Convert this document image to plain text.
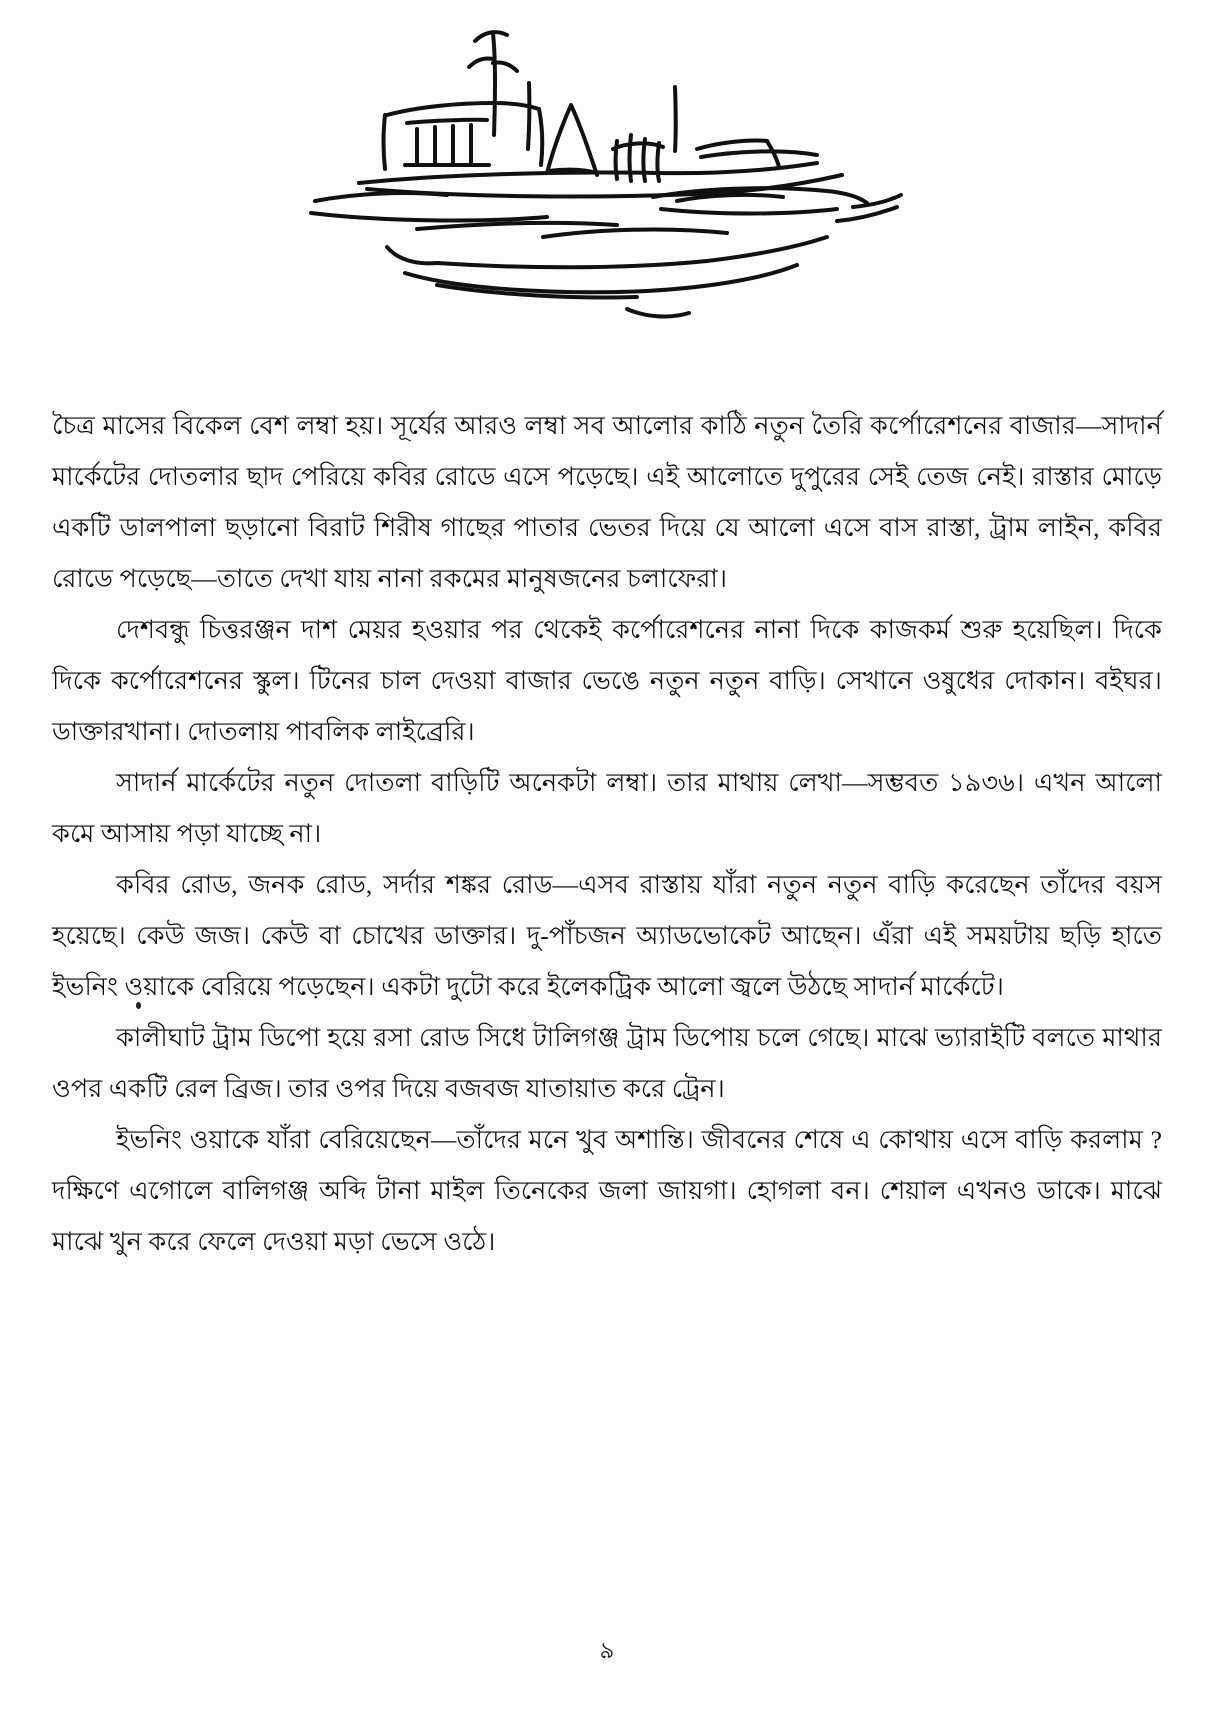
চৈত্র মাসের বিকেল বেশ লম্বা হয়। সূর্যের আরও লম্বা সব আলোর কাঠি নতুন তৈরি কর্পোরেশনের বাজার—সাদার্ন মার্কেটের দোতলার ছাদ পেরিয়ে কবির রোডে এসে পড়েছে। এই আলোতে দুপুরের সেই তেজ নেই। রাস্তার মোড়ে একটি ডালপালা ছড়ানো বিরাট শিরীষ গাছের পাতার ভেতর দিয়ে যে আলো এসে বাস রাস্তা, ট্রাম লাইন, কবির রোডে পড়েছে—তাতে দেখা যায় নানা রকমের মানুষজনের চলাফেরা।

দেশবন্ধু চিত্তরঞ্জন দাশ মেয়র হওয়ার পর থেকেই কর্পোরেশনের নানা দিকে কাজকর্ম শুরু হয়েছিল। দিকে দিকে কর্পোরেশনের স্কুল। টিনের চাল দেওয়া বাজার ভেঙে নতুন নতুন বাড়ি। সেখানে ওষুধের দোকান। বইঘর। ডাক্তারখানা। দোতলায় পাবলিক লাইব্রেরি।

সাদার্ন মার্কেটের নতুন দোতলা বাড়িটি অনেকটা লম্বা। তার মাথায় লেখা—সম্ভবত ১৯৩৬। এখন আলো কমে আসায় পড়া যাচ্ছে না।

কবির রোড, জনক রোড, সর্দার শঙ্কর রোড—এসব রাস্তায় যাঁরা নতুন নতুন বাড়ি করেছেন তাঁদের বয়স হয়েছে। কেউ জজ। কেউ বা চোখের ডাক্তার। দু-পাঁচজন অ্যাডভোকেট আছেন। এঁরা এই সময়টায় ছড়ি হাতে ইভনিং ওয়াকে বেরিয়ে পড়েছেন। একটা দুটো করে ইলেকট্রিক আলো জ্বলে উঠছে সাদার্ন মার্কেটে।

কালীঘাট ট্রাম ডিপো হয়ে রসা রোড সিধে টালিগঞ্জ ট্রাম ডিপোয় চলে গেছে। মাঝে ভ্যারাইটি বলতে মাথার ওপর একটি রেল ব্রিজ। তার ওপর দিয়ে বজবজ যাতায়াত করে ট্রেন।

ইভনিং ওয়াকে যাঁরা বেরিয়েছেন—তাঁদের মনে খুব অশান্তি। জীবনের শেষে এ কোথায় এসে বাড়ি করলাম ? দক্ষিণে এগোলে বালিগঞ্জ অব্দি টানা মাইল তিনেকের জলা জায়গা। হোগলা বন। শেয়াল এখনও ডাকে। মাঝে মাঝে খুন করে ফেলে দেওয়া মড়া ভেসে ওঠে।

৯
